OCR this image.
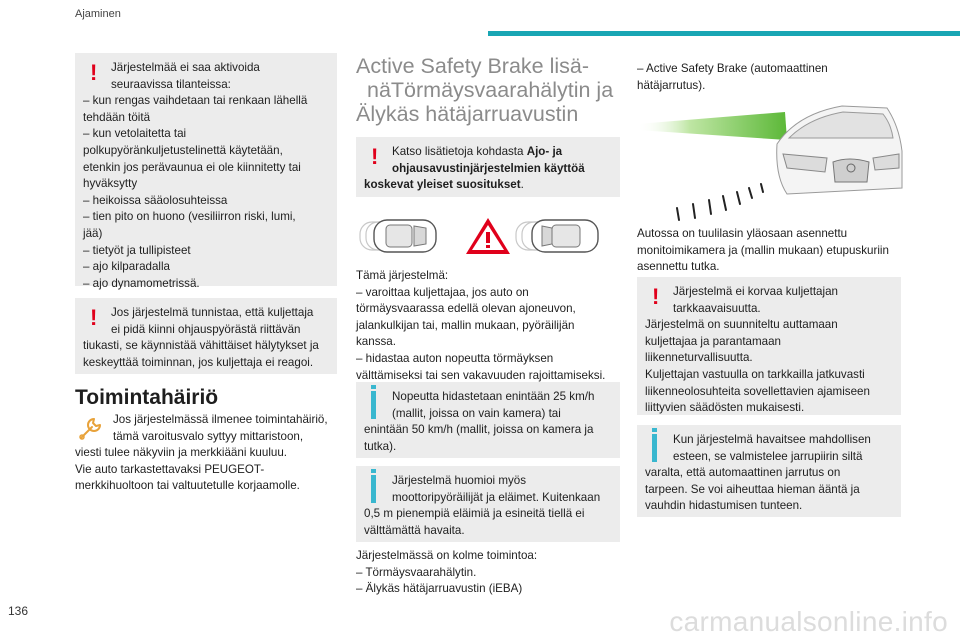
Ajaminen
!	Järjestelmää ei saa aktivoida
seuraavissa tilanteissa:
– kun rengas vaihdetaan tai renkaan lähellä
tehdään töitä
– kun vetolaitetta tai
polkupyöränkuljetustelinettä käytetään,
etenkin jos perävaunua ei ole kiinnitetty tai
hyväksytty
– heikoissa sääolosuhteissa
– tien pito on huono (vesiliirron riski, lumi,
jää)
– tietyöt ja tullipisteet
– ajo kilparadalla
– ajo dynamometrissä.
!	Jos järjestelmä tunnistaa, että kuljettaja
ei pidä kiinni ohjauspyörästä riittävän
tiukasti, se käynnistää vähittäiset hälytykset ja
keskeyttää toiminnan, jos kuljettaja ei reagoi.
Toimintahäiriö
Jos järjestelmässä ilmenee toimintahäiriö,
tämä varoitusvalo syttyy mittaristoon,
viesti tulee näkyviin ja merkkiääni kuuluu.
Vie auto tarkastettavaksi PEUGEOT-
merkkihuoltoon tai valtuutetulle korjaamolle.
Active Safety Brake lisä-
näTörmäysvaarahälytin ja
Älykäs hätäjarruavustin
!	Katso lisätietoja kohdasta Ajo- ja
ohjausavustinjärjestelmien käyttöä
koskevat yleiset suositukset.
Tämä järjestelmä:
– varoittaa kuljettajaa, jos auto on
törmäysvaarassa edellä olevan ajoneuvon,
jalankulkijan tai, mallin mukaan, pyöräilijän
kanssa.
– hidastaa auton nopeutta törmäyksen
välttämiseksi tai sen vakavuuden rajoittamiseksi.
Nopeutta hidastetaan enintään 25 km/h
(mallit, joissa on vain kamera) tai
enintään 50 km/h (mallit, joissa on kamera ja
tutka).
Järjestelmä huomioi myös
moottoripyöräilijät ja eläimet. Kuitenkaan
0,5 m pienempiä eläimiä ja esineitä tiellä ei
välttämättä havaita.
Järjestelmässä on kolme toimintoa:
– Törmäysvaarahälytin.
– Älykäs hätäjarruavustin (iEBA)
– Active Safety Brake (automaattinen
hätäjarrutus).
Autossa on tuulilasin yläosaan asennettu
monitoimikamera ja (mallin mukaan) etupuskuriin
asennettu tutka.
!	Järjestelmä ei korvaa kuljettajan
tarkkaavaisuutta.
Järjestelmä on suunniteltu auttamaan
kuljettajaa ja parantamaan
liikenneturvallisuutta.
Kuljettajan vastuulla on tarkkailla jatkuvasti
liikenneolosuhteita sovellettavien ajamiseen
liittyvien säädösten mukaisesti.
Kun järjestelmä havaitsee mahdollisen
esteen, se valmistelee jarrupiirin siltä
varalta, että automaattinen jarrutus on
tarpeen. Se voi aiheuttaa hieman ääntä ja
vauhdin hidastumisen tunteen.
136	carmanualsonline.info
